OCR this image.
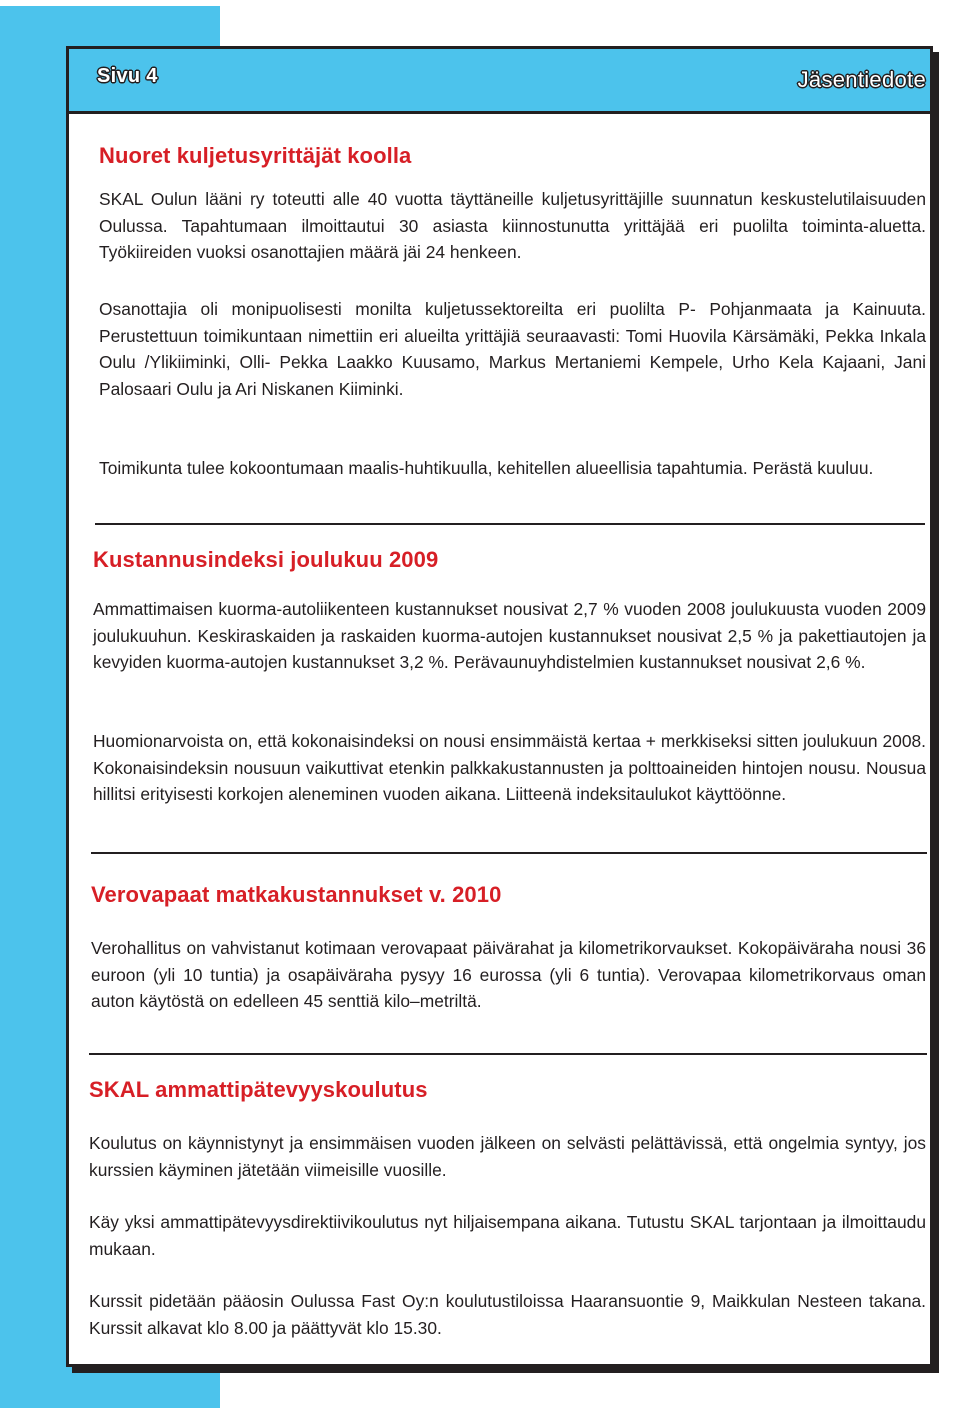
Sivu 4	Jäsentiedote
Nuoret kuljetusyrittäjät koolla

SKAL Oulun lääni ry toteutti alle 40 vuotta täyttäneille kuljetusyrittäjille suunnatun keskustelutilaisuuden Oulussa. Tapahtumaan ilmoittautui 30 asiasta kiinnostunutta yrittäjää eri puolilta toiminta-aluetta. Työkiireiden vuoksi osanottajien määrä jäi 24 henkeen.

Osanottajia oli monipuolisesti monilta kuljetussektoreilta eri puolilta P- Pohjanmaata ja Kainuuta. Perustettuun toimikuntaan nimettiin eri alueilta yrittäjiä seuraavasti: Tomi Huovila Kärsämäki, Pekka Inkala Oulu /Ylikiiminki, Olli- Pekka Laakko Kuusamo, Markus Mertaniemi Kempele, Urho Kela Kajaani, Jani Palosaari Oulu ja Ari Niskanen Kiiminki.

Toimikunta tulee kokoontumaan maalis-huhtikuulla, kehitellen alueellisia tapahtumia. Perästä kuuluu.

Kustannusindeksi joulukuu 2009

Ammattimaisen kuorma-autoliikenteen kustannukset nousivat 2,7 % vuoden 2008 joulukuusta vuoden 2009 joulukuuhun. Keskiraskaiden ja raskaiden kuorma-autojen kustannukset nousivat 2,5 % ja pakettiautojen ja kevyiden kuorma-autojen kustannukset 3,2 %. Perävaunuyhdistelmien kustannukset nousivat 2,6 %.

Huomionarvoista on, että kokonaisindeksi on nousi ensimmäistä kertaa + merkkiseksi sitten joulukuun 2008. Kokonaisindeksin nousuun vaikuttivat etenkin palkkakustannusten ja polttoaineiden hintojen nousu. Nousua hillitsi erityisesti korkojen aleneminen vuoden aikana. Liitteenä indeksitaulukot käyttöönne.

Verovapaat matkakustannukset v. 2010

Verohallitus on vahvistanut kotimaan verovapaat päivärahat ja kilometrikorvaukset. Kokopäiväraha nousi 36 euroon (yli 10 tuntia) ja osapäiväraha pysyy 16 eurossa (yli 6 tuntia). Verovapaa kilometrikorvaus oman auton käytöstä on edelleen 45 senttiä kilo–metriltä.

SKAL ammattipätevyyskoulutus

Koulutus on käynnistynyt ja ensimmäisen vuoden jälkeen on selvästi pelättävissä, että ongelmia syntyy, jos kurssien käyminen jätetään viimeisille vuosille.

Käy yksi ammattipätevyysdirektiivikoulutus nyt hiljaisempana aikana. Tutustu SKAL tarjontaan ja ilmoittaudu mukaan.

Kurssit pidetään pääosin Oulussa Fast Oy:n koulutustiloissa Haaransuontie 9, Maikkulan Nesteen takana. Kurssit alkavat klo 8.00 ja päättyvät klo 15.30.
